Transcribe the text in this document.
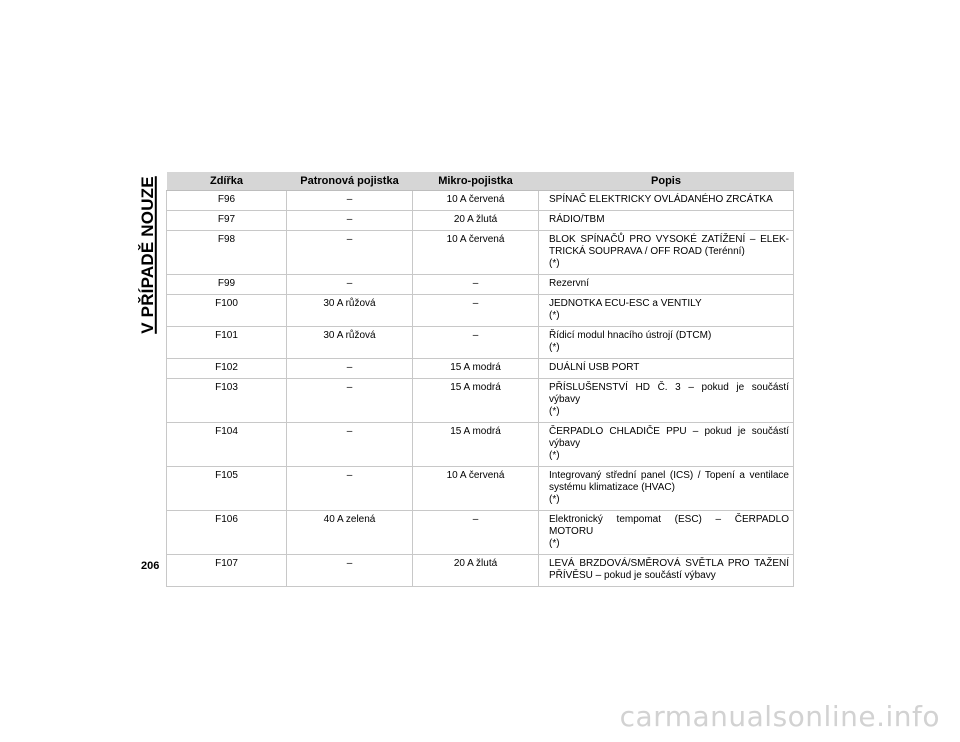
V PŘÍPADĚ NOUZE	Zdířka	Patronová pojistka	Mikro-pojistka	Popis
F96	–	10 A červená	SPÍNAČ ELEKTRICKY OVLÁDANÉHO ZRCÁTKA
F97	–	20 A žlutá	RÁDIO/TBM
F98	–	10 A červená	BLOK SPÍNAČŮ PRO VYSOKÉ ZATÍŽENÍ – ELEK-TRICKÁ SOUPRAVA / OFF ROAD (Terénní)
(*)

F99	–	–	Rezervní
F100	30 A růžová	–	JEDNOTKA ECU-ESC a VENTILY
(*)

F101	30 A růžová	–	Řídicí modul hnacího ústrojí (DTCM)
(*)

F102	–	15 A modrá	DUÁLNÍ USB PORT
F103	–	15 A modrá	PŘÍSLUŠENSTVÍ HD Č. 3 – pokud je součástí výbavy
(*)

F104	–	15 A modrá	ČERPADLO CHLADIČE PPU – pokud je součástí výbavy
(*)

F105	–	10 A červená	Integrovaný střední panel (ICS) / Topení a ventilace systému klimatizace (HVAC)
(*)

F106	40 A zelená	–	Elektronický tempomat (ESC) – ČERPADLO MOTORU
(*)

F107	–	20 A žlutá	LEVÁ BRZDOVÁ/SMĚROVÁ SVĚTLA PRO TAŽENÍ PŘÍVĚSU – pokud je součástí výbavy
206
carmanualsonline.info
